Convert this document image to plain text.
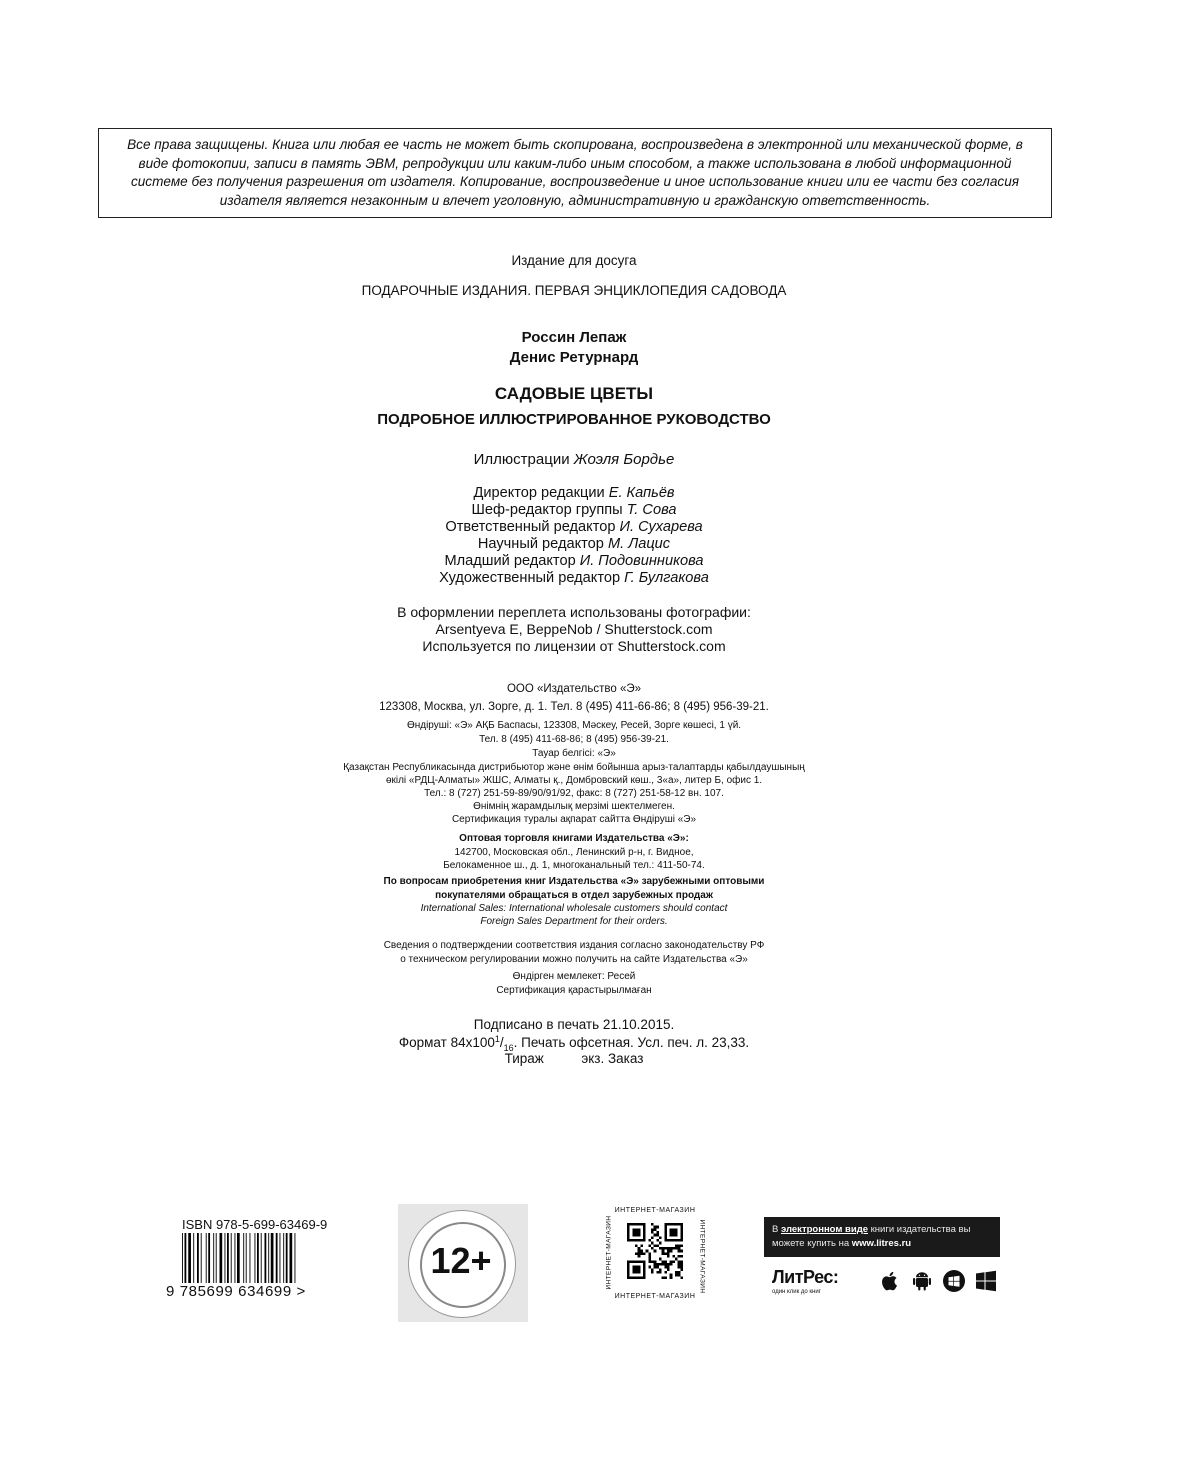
Все права защищены. Книга или любая ее часть не может быть скопирована, воспроизведена в электронной или механической форме, в виде фотокопии, записи в память ЭВМ, репродукции или каким-либо иным способом, а также использована в любой информационной системе без получения разрешения от издателя. Копирование, воспроизведение и иное использование книги или ее части без согласия издателя является незаконным и влечет уголовную, административную и гражданскую ответственность.

Издание для досуга

ПОДАРОЧНЫЕ ИЗДАНИЯ. ПЕРВАЯ ЭНЦИКЛОПЕДИЯ САДОВОДА

Россин Лепаж

Денис Ретурнард

САДОВЫЕ ЦВЕТЫ

ПОДРОБНОЕ ИЛЛЮСТРИРОВАННОЕ РУКОВОДСТВО

Иллюстрации Жоэля Бордье

Директор редакции Е. Капьёв

Шеф-редактор группы Т. Сова

Ответственный редактор И. Сухарева

Научный редактор М. Лацис

Младший редактор И. Подовинникова

Художественный редактор Г. Булгакова

В оформлении переплета использованы фотографии:

Arsentyeva E, BeppeNob / Shutterstock.com

Используется по лицензии от Shutterstock.com

ООО «Издательство «Э»

123308, Москва, ул. Зорге, д. 1. Тел. 8 (495) 411-66-86; 8 (495) 956-39-21.

Өндіруші: «Э» АҚБ Баспасы, 123308, Мәскеу, Ресей, Зорге көшесі, 1 үй.

Тел. 8 (495) 411-68-86; 8 (495) 956-39-21.

Тауар белгісі: «Э»

Қазақстан Республикасында дистрибьютор және өнім бойынша арыз-талаптарды қабылдаушының

өкілі «РДЦ-Алматы» ЖШС, Алматы қ., Домбровский көш., 3«а», литер Б, офис 1.

Тел.: 8 (727) 251-59-89/90/91/92, факс: 8 (727) 251-58-12 вн. 107.

Өнімнің жарамдылық мерзімі шектелмеген.

Сертификация туралы ақпарат сайтта Өндіруші «Э»

Оптовая торговля книгами Издательства «Э»:

142700, Московская обл., Ленинский р-н, г. Видное,

Белокаменное ш., д. 1, многоканальный тел.: 411-50-74.

По вопросам приобретения книг Издательства «Э» зарубежными оптовыми

покупателями обращаться в отдел зарубежных продаж

International Sales: International wholesale customers should contact

Foreign Sales Department for their orders.

Сведения о подтверждении соответствия издания согласно законодательству РФ

о техническом регулировании можно получить на сайте Издательства «Э»

Өндірген мемлекет: Ресей

Сертификация қарастырылмаған

Подписано в печать 21.10.2015.

Формат $84х100^1/_{16}$. Печать офсетная. Усл. печ. л. 23,33.

Тираж          экз. Заказ

ISBN 978-5-699-63469-9
9 785699 634699 >
12+
ИНТЕРНЕТ-МАГАЗИН
ИНТЕРНЕТ-МАГАЗИН	ИНТЕРНЕТ-МАГАЗИН
ИНТЕРНЕТ-МАГАЗИН
В электронном виде книги издательства вы можете купить на www.litres.ru
ЛитРес:
один клик до книг
